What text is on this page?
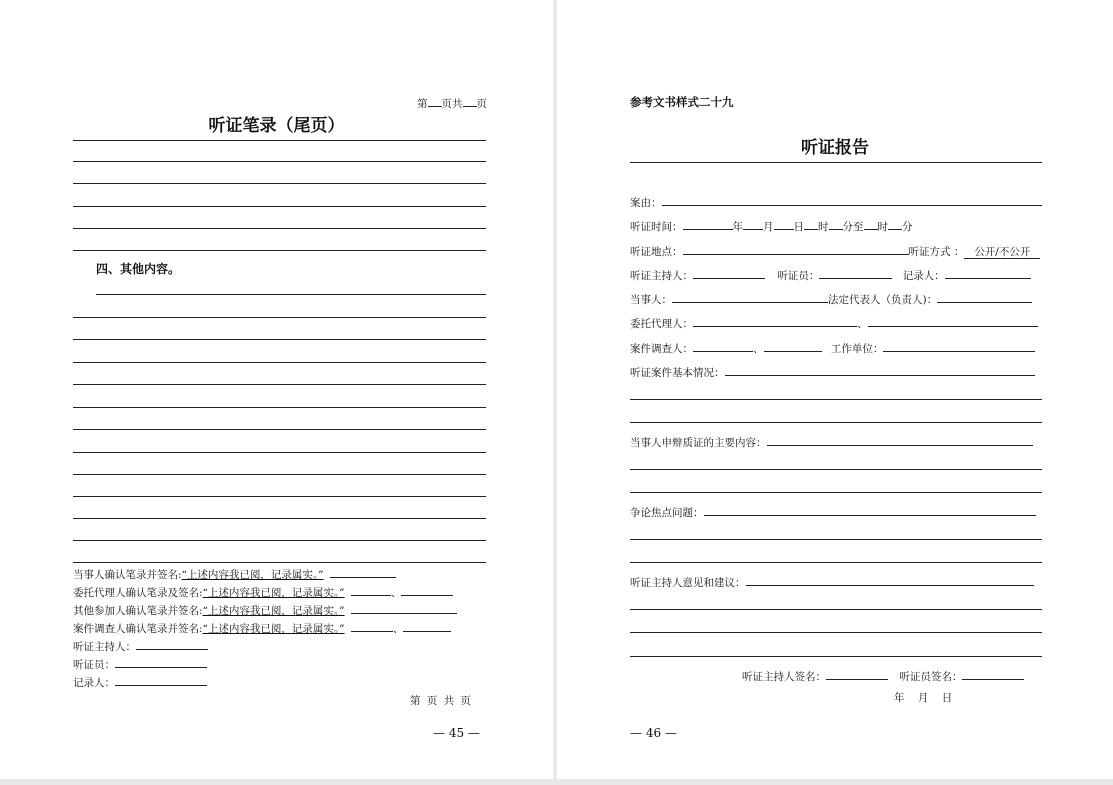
第 页共 页
听证笔录（尾页）
四、其他内容。
当事人确认笔录并签名:“上述内容我已阅，记录属实。”
委托代理人确认笔录及签名:“上述内容我已阅，记录属实。”	、
其他参加人确认笔录并签名:“上述内容我已阅，记录属实。”
案件调查人确认笔录并签名:“上述内容我已阅，记录属实。”	、
听证主持人：
听证员：
记录人：
第 页 共 页
— 45 —
参考文书样式二十九
听证报告
案由：
听证时间：	年 月 日 时 分至 时 分
听证地点：	听证方式 ： 公开/不公开
听证主持人：	听证员：	记录人：
当事人：	法定代表人（负责人)：
委托代理人：	、
案件调查人：	、	工作单位：
听证案件基本情况：
当事人申辩质证的主要内容：
争论焦点问题：
听证主持人意见和建议：
听证主持人签名：	听证员签名：
年    月    日
— 46 —
